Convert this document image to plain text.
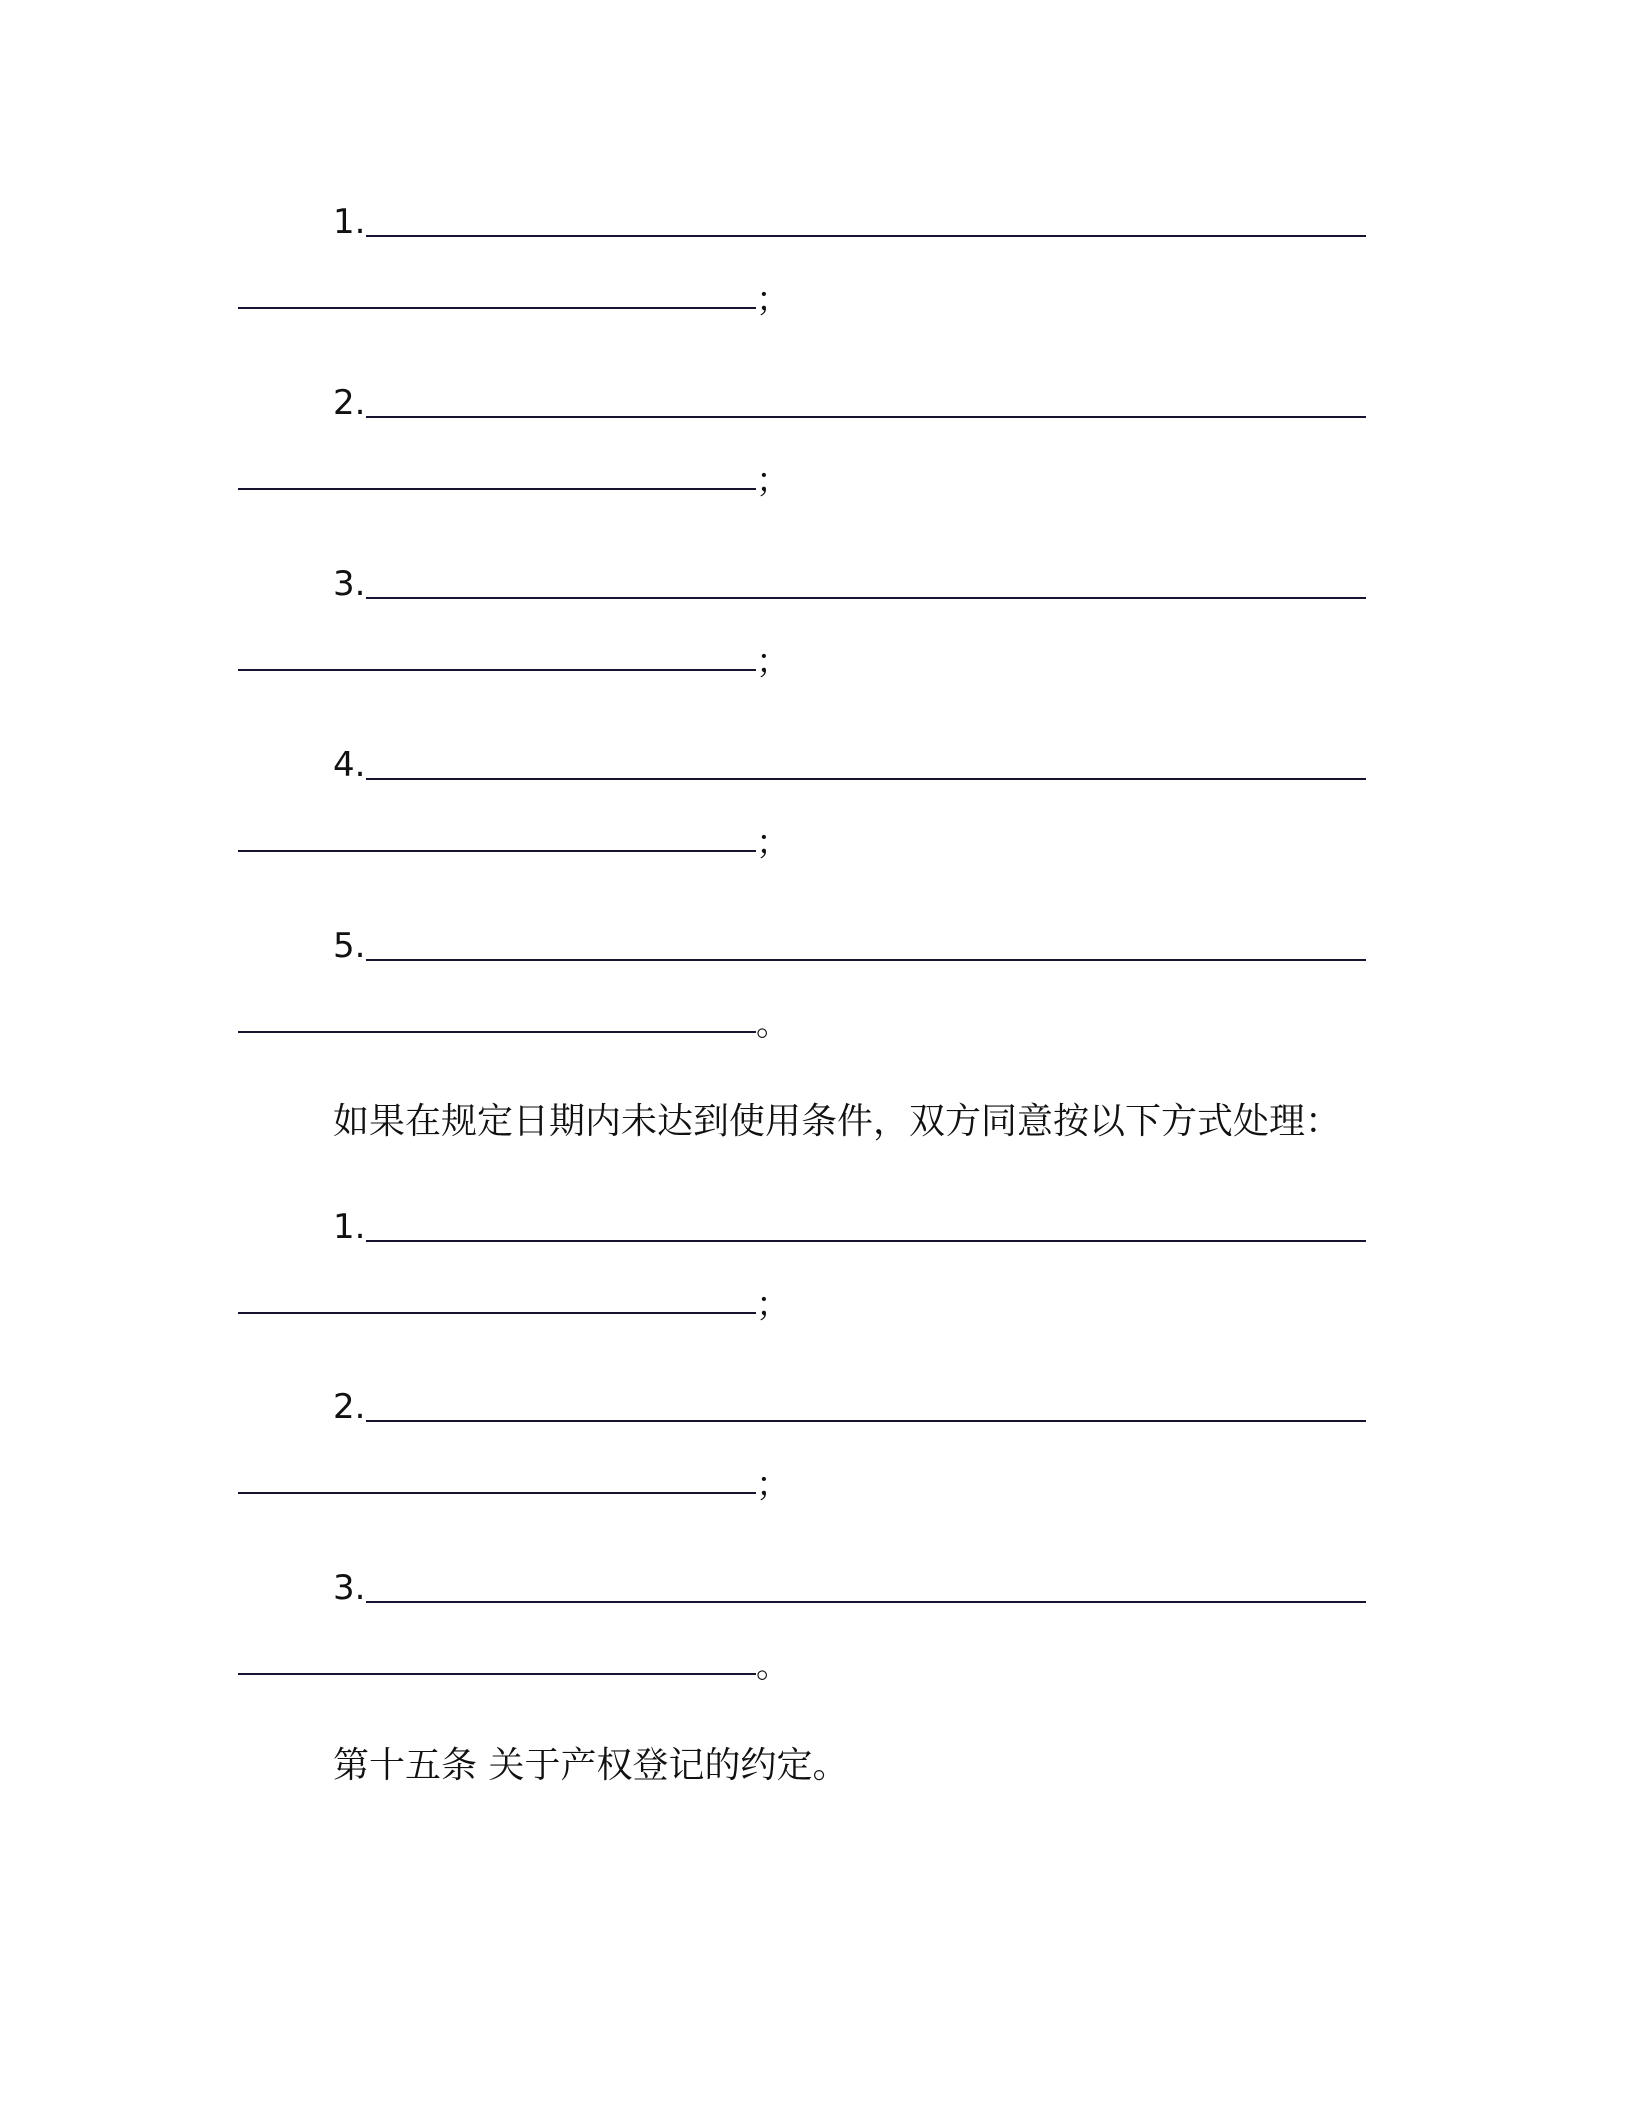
1.
；
2.
；
3.
；
4.
；
5.
。
如果在规定日期内未达到使用条件，双方同意按以下方式处理：
1.
；
2.
；
3.
。
第十五条 关于产权登记的约定。
